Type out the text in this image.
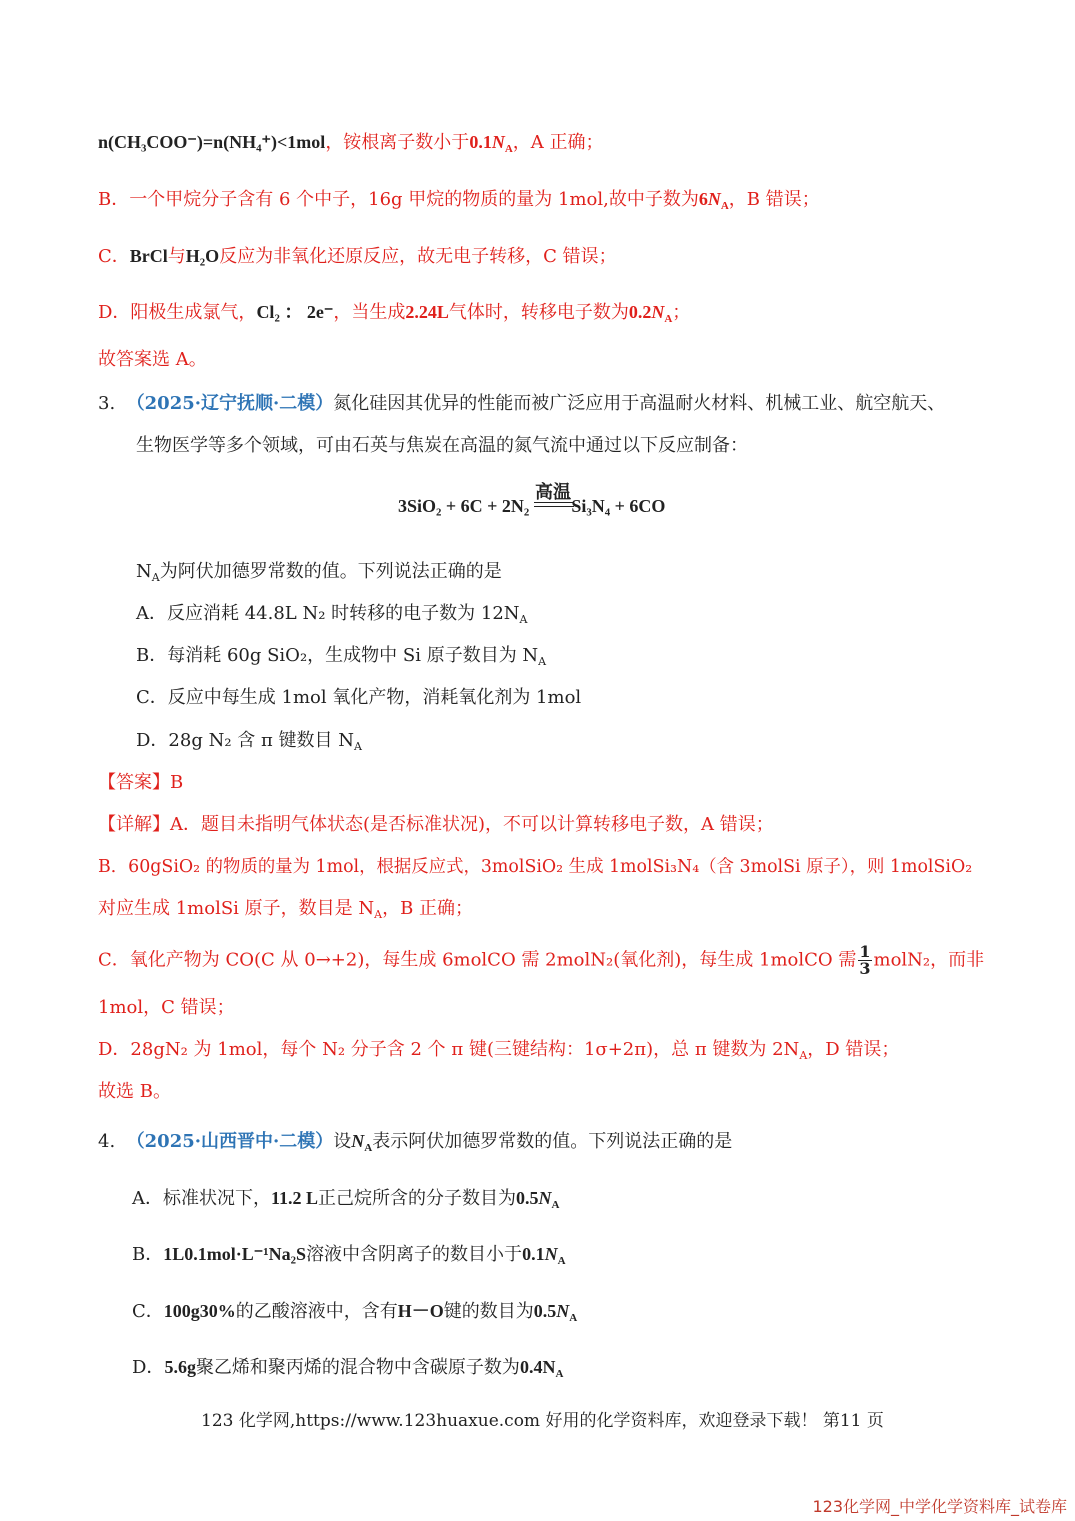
n(CH₃COO⁻)=n(NH₄⁺)<1mol，铵根离子数小于$0.1N_A$，A 正确；
B．一个甲烷分子含有 6 个中子，16g 甲烷的物质的量为 1mol,故中子数为$6N_A$，B 错误；
C．BrCl与H₂O反应为非氧化还原反应，故无电子转移，C 错误；
D．阳极生成氯气，Cl₂ ： 2e⁻，当生成2.24L气体时，转移电子数为$0.2N_A$；
故答案选 A。
3. （2025·辽宁抚顺·二模）氮化硅因其优异的性能而被广泛应用于高温耐火材料、机械工业、航空航天、
生物医学等多个领域，可由石英与焦炭在高温的氮气流中通过以下反应制备：
高温
3SiO₂ + 6C + 2N₂ Si₃N₄ + 6CO
$N_A$为阿伏加德罗常数的值。下列说法正确的是
A．反应消耗 44.8L N₂ 时转移的电子数为 $12N_A$
B．每消耗 60g SiO₂，生成物中 Si 原子数目为 $N_A$
C．反应中每生成 1mol 氧化产物，消耗氧化剂为 1mol
D．28g N₂ 含 π 键数目 $N_A$
【答案】B
【详解】A．题目未指明气体状态(是否标准状况)，不可以计算转移电子数，A 错误；
B．60gSiO₂ 的物质的量为 1mol，根据反应式，3molSiO₂ 生成 1molSi₃N₄（含 3molSi 原子），则 1molSiO₂
对应生成 1molSi 原子，数目是 $N_A$，B 正确；
C．氧化产物为 CO(C 从 0→+2)，每生成 6molCO 需 2molN₂(氧化剂)，每生成 1molCO 需 $\frac{1}{3}$ molN₂，而非
1mol，C 错误；
D．28gN₂ 为 1mol，每个 N₂ 分子含 2 个 π 键(三键结构：1σ+2π)，总 π 键数为 $2N_A$，D 错误；
故选 B。
4. （2025·山西晋中·二模）设$N_A$表示阿伏加德罗常数的值。下列说法正确的是
A．标准状况下，11.2 L正己烷所含的分子数目为$0.5N_A$
B．1L0.1mol·L⁻¹Na₂S溶液中含阴离子的数目小于$0.1N_A$
C．100g30%的乙酸溶液中，含有H－O键的数目为$0.5N_A$
D．5.6g聚乙烯和聚丙烯的混合物中含碳原子数为$0.4N_A$
123 化学网,https://www.123huaxue.com 好用的化学资料库，欢迎登录下载！ 第11 页
123化学网_中学化学资料库_试卷库
